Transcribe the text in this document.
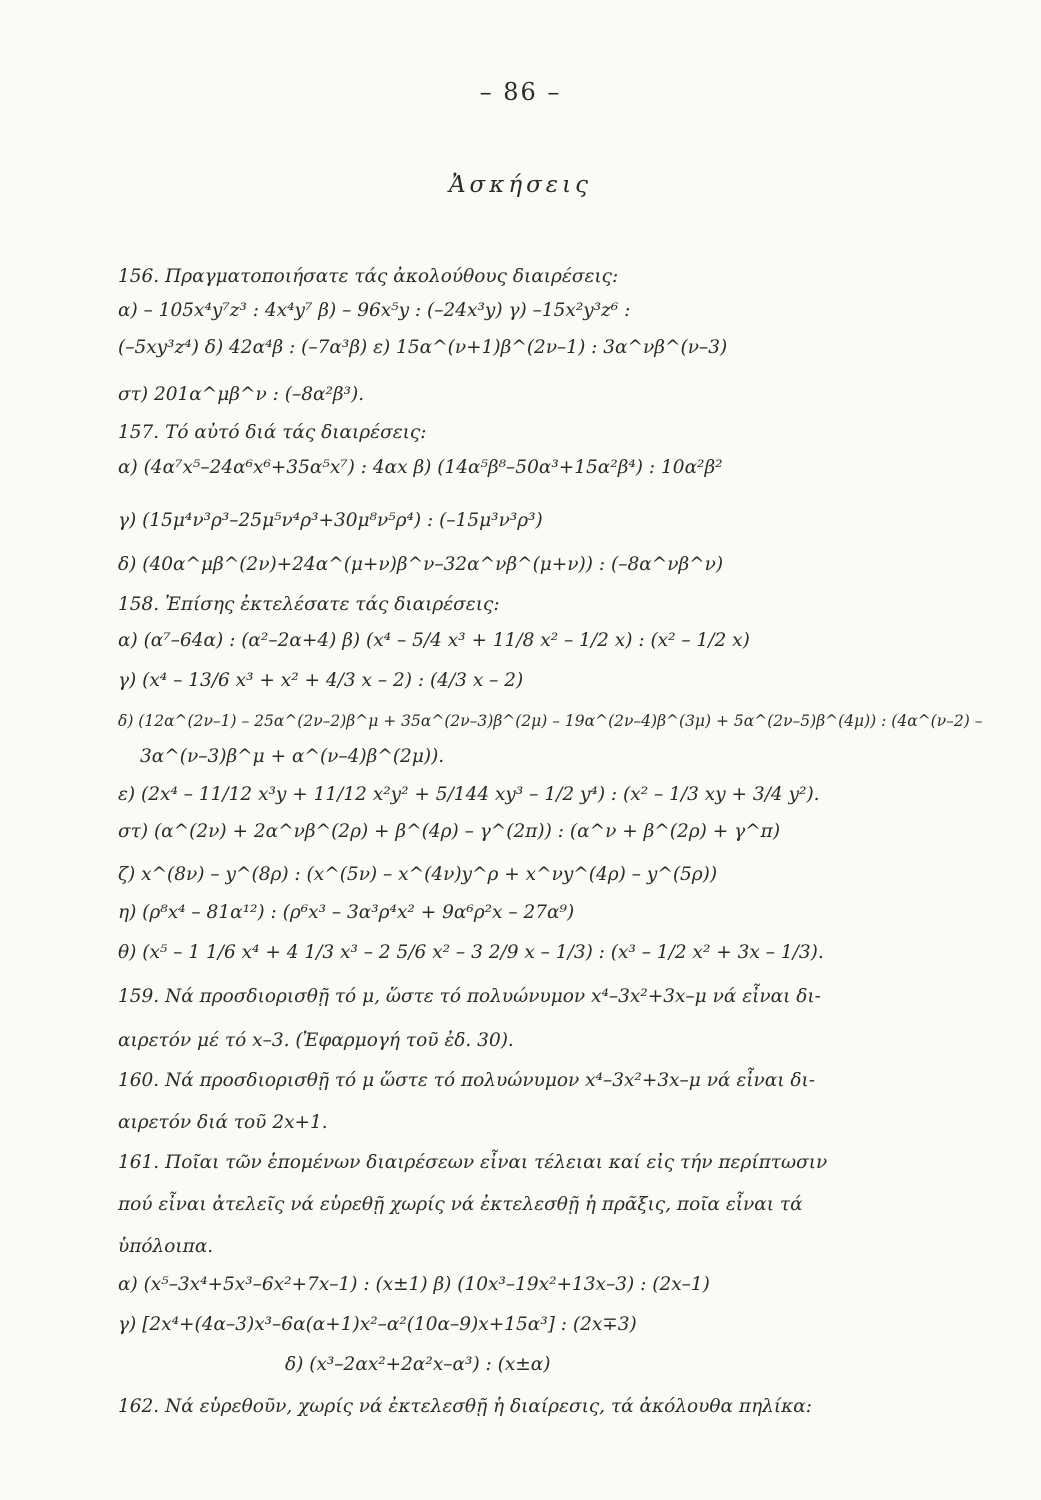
– 86 –
Ἀσκήσεις
156. Πραγματοποιήσατε τάς ἀκολούθους διαιρέσεις:
α) – 105x⁴y⁷z³ : 4x⁴y⁷ β) – 96x⁵y : (–24x³y) γ) –15x²y³z⁶ :
(–5xy³z⁴) δ) 42α⁴β : (–7α³β) ε) 15α^(ν+1)β^(2ν–1) : 3α^νβ^(ν–3)
στ) 201α^μβ^ν : (–8α²β³).
157. Τό αὐτό διά τάς διαιρέσεις:
α) (4α⁷x⁵–24α⁶x⁶+35α⁵x⁷) : 4αx β) (14α⁵β⁸–50α³+15α²β⁴) : 10α²β²
γ) (15μ⁴ν³ρ³–25μ⁵ν⁴ρ³+30μ⁸ν⁵ρ⁴) : (–15μ³ν³ρ³)
δ) (40α^μβ^(2ν)+24α^(μ+ν)β^ν–32α^νβ^(μ+ν)) : (–8α^νβ^ν)
158. Ἐπίσης ἐκτελέσατε τάς διαιρέσεις:
α) (α⁷–64α) : (α²–2α+4) β) (x⁴ – 5/4 x³ + 11/8 x² – 1/2 x) : (x² – 1/2 x)
γ) (x⁴ – 13/6 x³ + x² + 4/3 x – 2) : (4/3 x – 2)
δ) (12α^(2ν–1) – 25α^(2ν–2)β^μ + 35α^(2ν–3)β^(2μ) – 19α^(2ν–4)β^(3μ) + 5α^(2ν–5)β^(4μ)) : (4α^(ν–2) –
3α^(ν–3)β^μ + α^(ν–4)β^(2μ)).
ε) (2x⁴ – 11/12 x³y + 11/12 x²y² + 5/144 xy³ – 1/2 y⁴) : (x² – 1/3 xy + 3/4 y²).
στ) (α^(2ν) + 2α^νβ^(2ρ) + β^(4ρ) – γ^(2π)) : (α^ν + β^(2ρ) + γ^π)
ζ) x^(8ν) – y^(8ρ) : (x^(5ν) – x^(4ν)y^ρ + x^νy^(4ρ) – y^(5ρ))
η) (ρ⁸x⁴ – 81α¹²) : (ρ⁶x³ – 3α³ρ⁴x² + 9α⁶ρ²x – 27α⁹)
θ) (x⁵ – 1 1/6 x⁴ + 4 1/3 x³ – 2 5/6 x² – 3 2/9 x – 1/3) : (x³ – 1/2 x² + 3x – 1/3).
159. Νά προσδιορισθῇ τό μ, ὥστε τό πολυώνυμον x⁴–3x²+3x–μ νά εἶναι δι-
αιρετόν μέ τό x–3. (Ἐφαρμογή τοῦ ἐδ. 30).
160. Νά προσδιορισθῇ τό μ ὥστε τό πολυώνυμον x⁴–3x²+3x–μ νά εἶναι δι-
αιρετόν διά τοῦ 2x+1.
161. Ποῖαι τῶν ἑπομένων διαιρέσεων εἶναι τέλειαι καί εἰς τήν περίπτωσιν
πού εἶναι ἀτελεῖς νά εὑρεθῇ χωρίς νά ἐκτελεσθῇ ἡ πρᾶξις, ποῖα εἶναι τά
ὑπόλοιπα.
α) (x⁵–3x⁴+5x³–6x²+7x–1) : (x±1) β) (10x³–19x²+13x–3) : (2x–1)
γ) [2x⁴+(4α–3)x³–6α(α+1)x²–α²(10α–9)x+15α³] : (2x∓3)
δ) (x³–2αx²+2α²x–α³) : (x±α)
162. Νά εὑρεθοῦν, χωρίς νά ἐκτελεσθῇ ἡ διαίρεσις, τά ἀκόλουθα πηλίκα:
